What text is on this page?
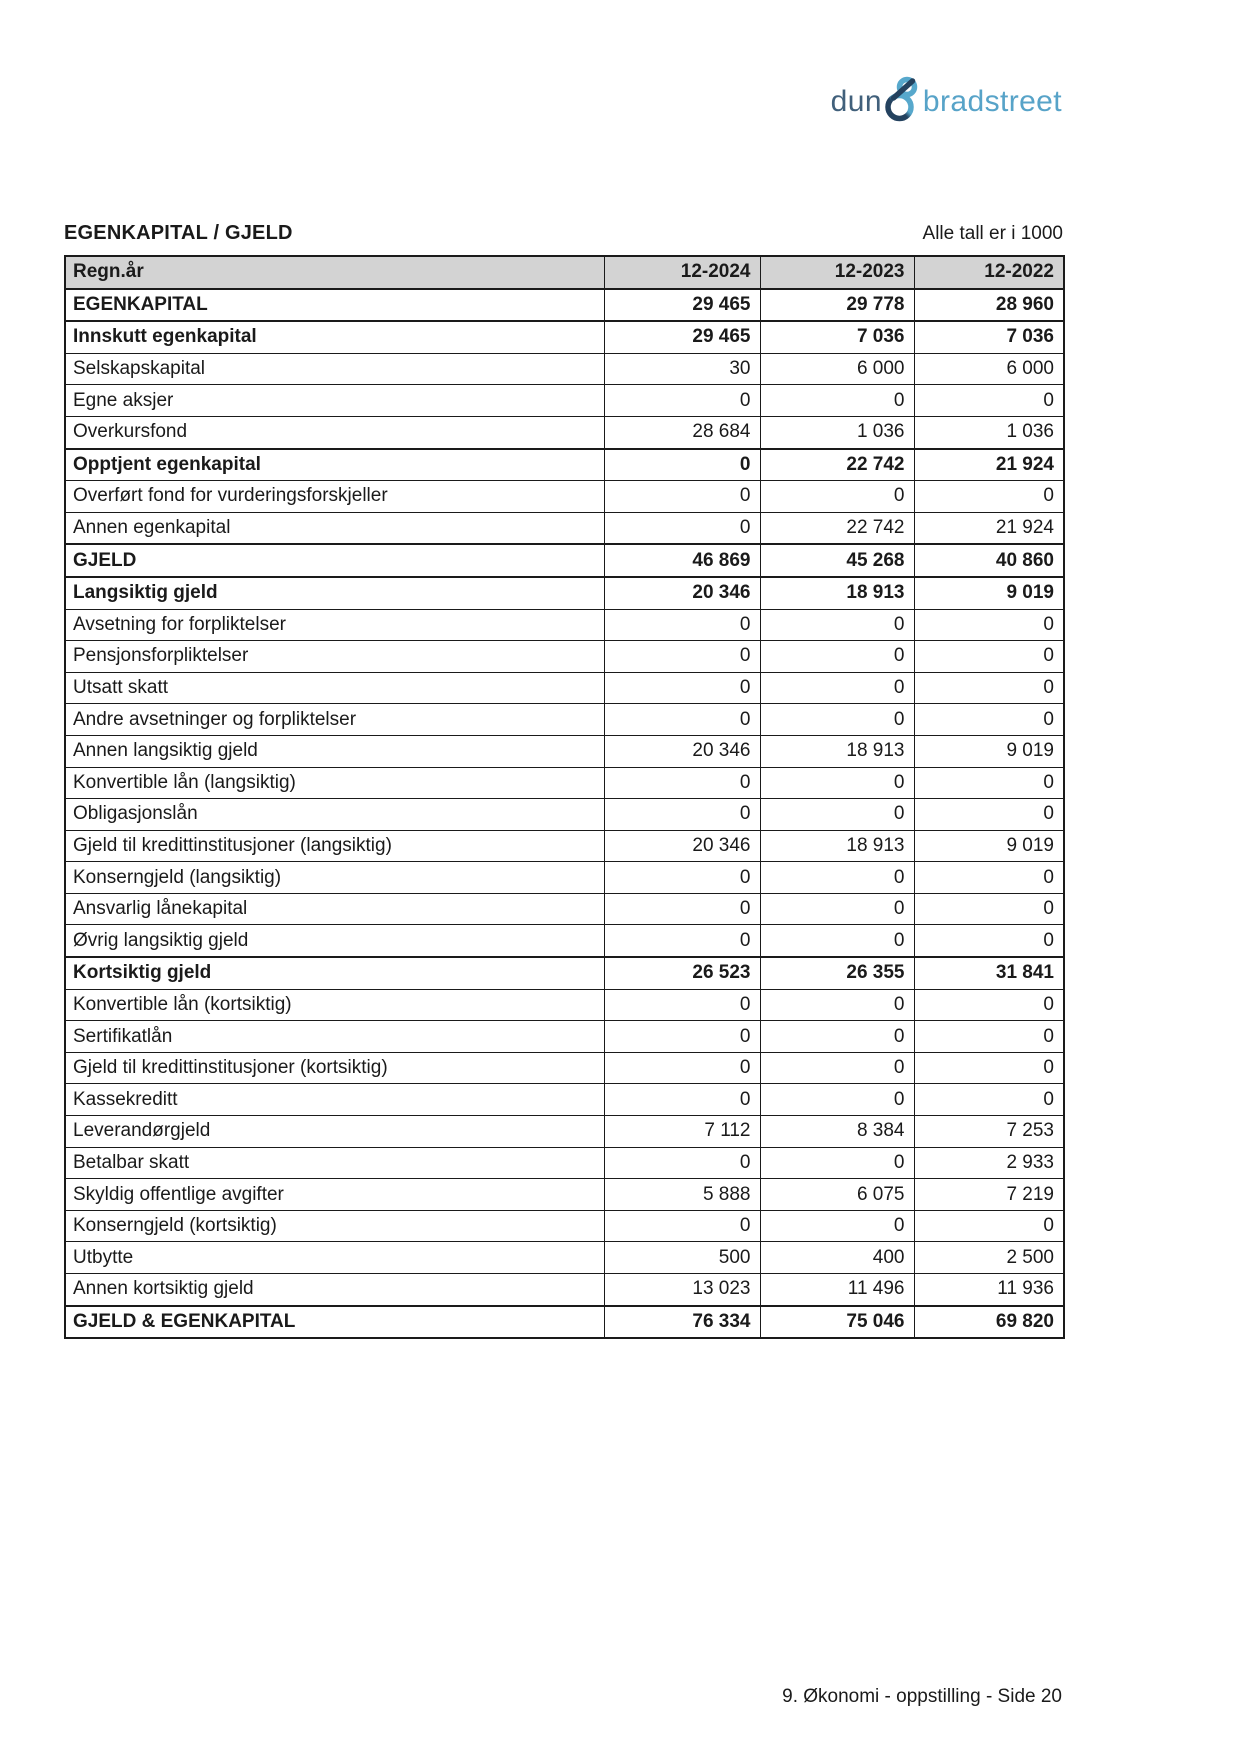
dun bradstreet
EGENKAPITAL / GJELD	Alle tall er i 1000
Regn.år	12-2024	12-2023	12-2022
EGENKAPITAL	29 465	29 778	28 960
Innskutt egenkapital	29 465	7 036	7 036
Selskapskapital	30	6 000	6 000
Egne aksjer	0	0	0
Overkursfond	28 684	1 036	1 036
Opptjent egenkapital	0	22 742	21 924
Overført fond for vurderingsforskjeller	0	0	0
Annen egenkapital	0	22 742	21 924
GJELD	46 869	45 268	40 860
Langsiktig gjeld	20 346	18 913	9 019
Avsetning for forpliktelser	0	0	0
Pensjonsforpliktelser	0	0	0
Utsatt skatt	0	0	0
Andre avsetninger og forpliktelser	0	0	0
Annen langsiktig gjeld	20 346	18 913	9 019
Konvertible lån (langsiktig)	0	0	0
Obligasjonslån	0	0	0
Gjeld til kredittinstitusjoner (langsiktig)	20 346	18 913	9 019
Konserngjeld (langsiktig)	0	0	0
Ansvarlig lånekapital	0	0	0
Øvrig langsiktig gjeld	0	0	0
Kortsiktig gjeld	26 523	26 355	31 841
Konvertible lån (kortsiktig)	0	0	0
Sertifikatlån	0	0	0
Gjeld til kredittinstitusjoner (kortsiktig)	0	0	0
Kassekreditt	0	0	0
Leverandørgjeld	7 112	8 384	7 253
Betalbar skatt	0	0	2 933
Skyldig offentlige avgifter	5 888	6 075	7 219
Konserngjeld (kortsiktig)	0	0	0
Utbytte	500	400	2 500
Annen kortsiktig gjeld	13 023	11 496	11 936
GJELD & EGENKAPITAL	76 334	75 046	69 820
9. Økonomi - oppstilling - Side 20
